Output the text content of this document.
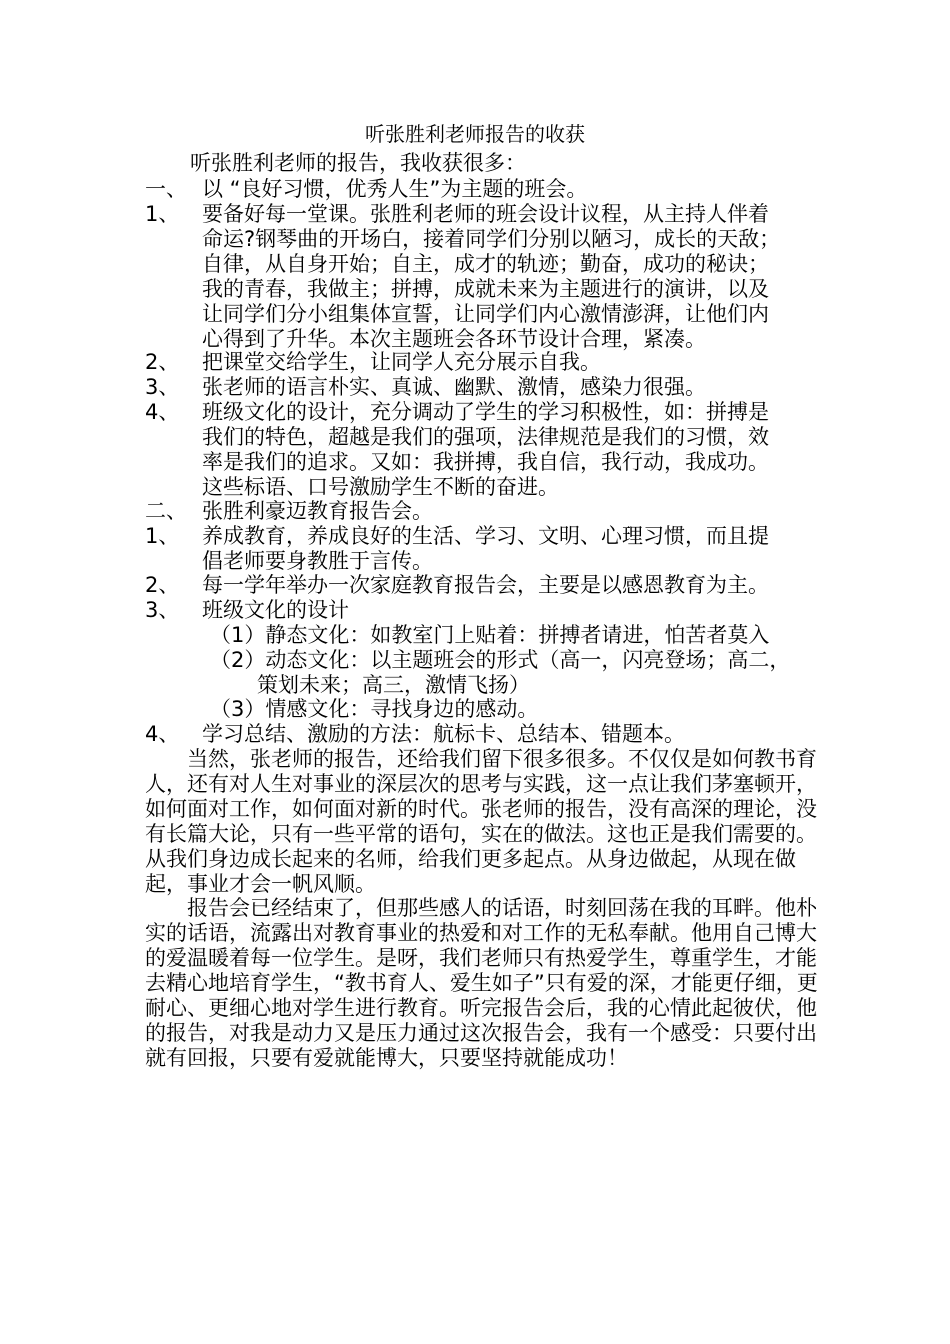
听张胜利老师报告的收获
听张胜利老师的报告，我收获很多：
一、 以 “良好习惯，优秀人生”为主题的班会。
1、 要备好每一堂课。张胜利老师的班会设计议程，从主持人伴着
命运?钢琴曲的开场白，接着同学们分别以陋习，成长的天敌；
自律，从自身开始；自主，成才的轨迹；勤奋，成功的秘诀；
我的青春，我做主；拼搏，成就未来为主题进行的演讲，以及
让同学们分小组集体宣誓，让同学们内心激情澎湃，让他们内
心得到了升华。本次主题班会各环节设计合理，紧凑。
2、 把课堂交给学生，让同学人充分展示自我。
3、 张老师的语言朴实、真诚、幽默、激情，感染力很强。
4、 班级文化的设计，充分调动了学生的学习积极性，如：拼搏是
我们的特色，超越是我们的强项，法律规范是我们的习惯，效
率是我们的追求。又如：我拼搏，我自信，我行动，我成功。
这些标语、口号激励学生不断的奋进。
二、 张胜利豪迈教育报告会。
1、 养成教育，养成良好的生活、学习、文明、心理习惯，而且提
倡老师要身教胜于言传。
2、 每一学年举办一次家庭教育报告会，主要是以感恩教育为主。
3、 班级文化的设计
（1）静态文化：如教室门上贴着：拼搏者请进，怕苦者莫入
（2）动态文化：以主题班会的形式（高一，闪亮登场；高二，
策划未来；高三，激情飞扬）
（3）情感文化：寻找身边的感动。
4、 学习总结、激励的方法：航标卡、总结本、错题本。
当然，张老师的报告，还给我们留下很多很多。不仅仅是如何教书育人，还有对人生对事业的深层次的思考与实践，这一点让我们茅塞顿开，如何面对工作，如何面对新的时代。张老师的报告，没有高深的理论，没有长篇大论，只有一些平常的语句，实在的做法。这也正是我们需要的。从我们身边成长起来的名师，给我们更多起点。从身边做起，从现在做起，事业才会一帆风顺。
报告会已经结束了，但那些感人的话语，时刻回荡在我的耳畔。他朴实的话语，流露出对教育事业的热爱和对工作的无私奉献。他用自己博大的爱温暖着每一位学生。是呀，我们老师只有热爱学生，尊重学生，才能去精心地培育学生，“教书育人、爱生如子”只有爱的深，才能更仔细，更耐心、更细心地对学生进行教育。听完报告会后，我的心情此起彼伏，他的报告，对我是动力又是压力通过这次报告会，我有一个感受：只要付出就有回报，只要有爱就能博大，只要坚持就能成功！
